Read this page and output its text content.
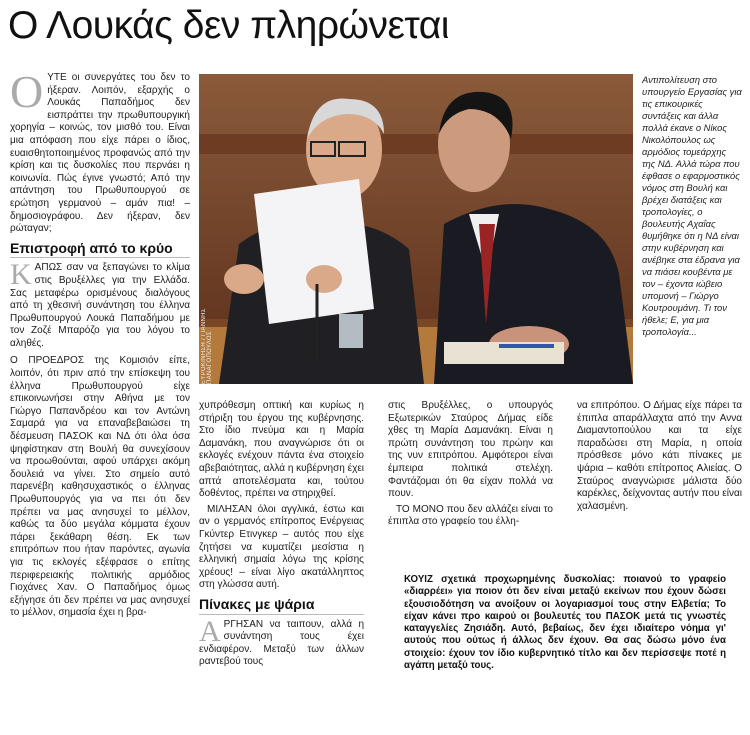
Ο Λουκάς δεν πληρώνεται
Ο ΥΤΕ οι συνεργάτες του δεν το ήξεραν. Λοιπόν, εξαρχής ο Λουκάς Παπαδήμος δεν εισπράττει την πρωθυπουργική χορηγία – κοινώς, τον μισθό του. Είναι μια απόφαση που είχε πάρει ο ίδιος, ευαισθητοποιημένος προφανώς από την κρίση και τις δυσκολίες που περνάει η κοινωνία. Πώς έγινε γνωστό; Από την απάντηση του Πρωθυπουργού σε ερώτηση γερμανού – αμάν πια! – δημοσιογράφου. Δεν ήξεραν, δεν ρώταγαν;
Επιστροφή από το κρύο
Κ ΑΠΩΣ σαν να ξεπαγώνει το κλίμα στις Βρυξέλλες για την Ελλάδα. Σας μεταφέρω ορισμένους διαλόγους από τη χθεσινή συνάντηση του έλληνα Πρωθυπουργού Λουκά Παπαδήμου με τον Ζοζέ Μπαρόζο για του λόγου το αληθές.

Ο ΠΡΟΕΔΡΟΣ της Κομισιόν είπε, λοιπόν, ότι πριν από την επίσκεψη του έλληνα Πρωθυπουργού είχε επικοινωνήσει στην Αθήνα με τον Γιώργο Παπανδρέου και τον Αντώνη Σαμαρά για να επαναβεβαιώσει τη δέσμευση ΠΑΣΟΚ και ΝΔ ότι όλα όσα ψηφίστηκαν στη Βουλή θα συνεχίσουν να προωθούνται, αφού υπάρχει ακόμη δουλειά να γίνει. Στο σημείο αυτό παρενέβη καθησυχαστικός ο έλληνας Πρωθυπουργός για να πει ότι δεν πρέπει να μας ανησυχεί το μέλλον, καθώς τα δύο μεγάλα κόμματα έχουν πάρει ξεκάθαρη θέση. Εκ των επιτρόπων που ήταν παρόντες, αγωνία για τις εκλογές εξέφρασε ο επίτης περιφερειακής πολιτικής αρμόδιος Γιοχάνες Χαν. Ο Παπαδήμος όμως εξήγησε ότι δεν πρέπει να μας ανησυχεί το μέλλον, σημασία έχει η βρα-

ΕΥΡΟΚΙΝΗΣΗ / ΓΙΑΝΝΗΣ ΠΑΝΑΓΟΠΟΥΛΟΣ
Αντιπολίτευση στο υπουργείο Εργασίας για τις επικουρικές συντάξεις και άλλα πολλά έκανε ο Νίκος Νικολόπουλος ως αρμόδιος τομεάρχης της ΝΔ. Αλλά τώρα που έφθασε ο εφαρμοστικός νόμος στη Βουλή και βρέχει διατάξεις και τροπολογίες, ο βουλευτής Αχαΐας θυμήθηκε ότι η ΝΔ είναι στην κυβέρνηση και ανέβηκε στα έδρανα για να πιάσει κουβέντα με τον – έχοντα ιώβειο υπομονή – Γιώργο Κουτρουμάνη. Τι τον ήθελε; Ε, για μια τροπολογία...

χυπρόθεσμη οπτική και κυρίως η στήριξη του έργου της κυβέρνησης. Στο ίδιο πνεύμα και η Μαρία Δαμανάκη, που αναγνώρισε ότι οι εκλογές ενέχουν πάντα ένα στοιχείο αβεβαιότητας, αλλά η κυβέρνηση έχει απτά αποτελέσματα και, τούτου δοθέντος, πρέπει να στηριχθεί.

ΜΙΛΗΣΑΝ όλοι αγγλικά, έστω και αν ο γερμανός επίτροπος Ενέργειας Γκύντερ Ετινγκερ – αυτός που είχε ζητήσει να κυματίζει μεσίστια η ελληνική σημαία λόγω της κρίσης χρέους! – είναι λίγο ακατάλληπτος στη γλώσσα αυτή.

Πίνακες με ψάρια
Α ΡΓΗΣΑΝ να ταιπουν, αλλά η συνάντηση τους έχει ενδιαφέρον. Μεταξύ των άλλων ραντεβού τους

στις Βρυξέλλες, ο υπουργός Εξωτερικών Σταύρος Δήμας είδε χθες τη Μαρία Δαμανάκη. Είναι η πρώτη συνάντηση του πρώην και της νυν επιτρόπου. Αμφότεροι είναι έμπειρα πολιτικά στελέχη. Φαντάζομαι ότι θα είχαν πολλά να πουν.

ΤΟ ΜΟΝΟ που δεν αλλάζει είναι το έπιπλα στο γραφείο του έλλη-

να επιτρόπου. Ο Δήμας είχε πάρει τα έπιπλα απαράλλαχτα από την Αννα Διαμαντοπούλου και τα είχε παραδώσει στη Μαρία, η οποία πρόσθεσε μόνο κάτι πίνακες με ψάρια – καθότι επίτροπος Αλιείας. Ο Σταύρος αναγνώρισε μάλιστα δύο καρέκλες, δείχνοντας αυτήν που είναι χαλασμένη.

ΚΟΥΙΖ σχετικά προχωρημένης δυσκολίας: ποιανού το γραφείο «διαρρέει» για ποιον ότι δεν είναι μεταξύ εκείνων που έχουν δώσει εξουσιοδότηση να ανοίξουν οι λογαριασμοί τους στην Ελβετία; Το είχαν κάνει προ καιρού οι βουλευτές του ΠΑΣΟΚ μετά τις γνωστές καταγγελίες Ζησιάδη. Αυτό, βεβαίως, δεν έχει ιδιαίτερο νόημα γι' αυτούς που ούτως ή άλλως δεν έχουν. Θα σας δώσω μόνο ένα στοιχείο: έχουν τον ίδιο κυβερνητικό τίτλο και δεν περίσσεψε ποτέ η αγάπη μεταξύ τους.
